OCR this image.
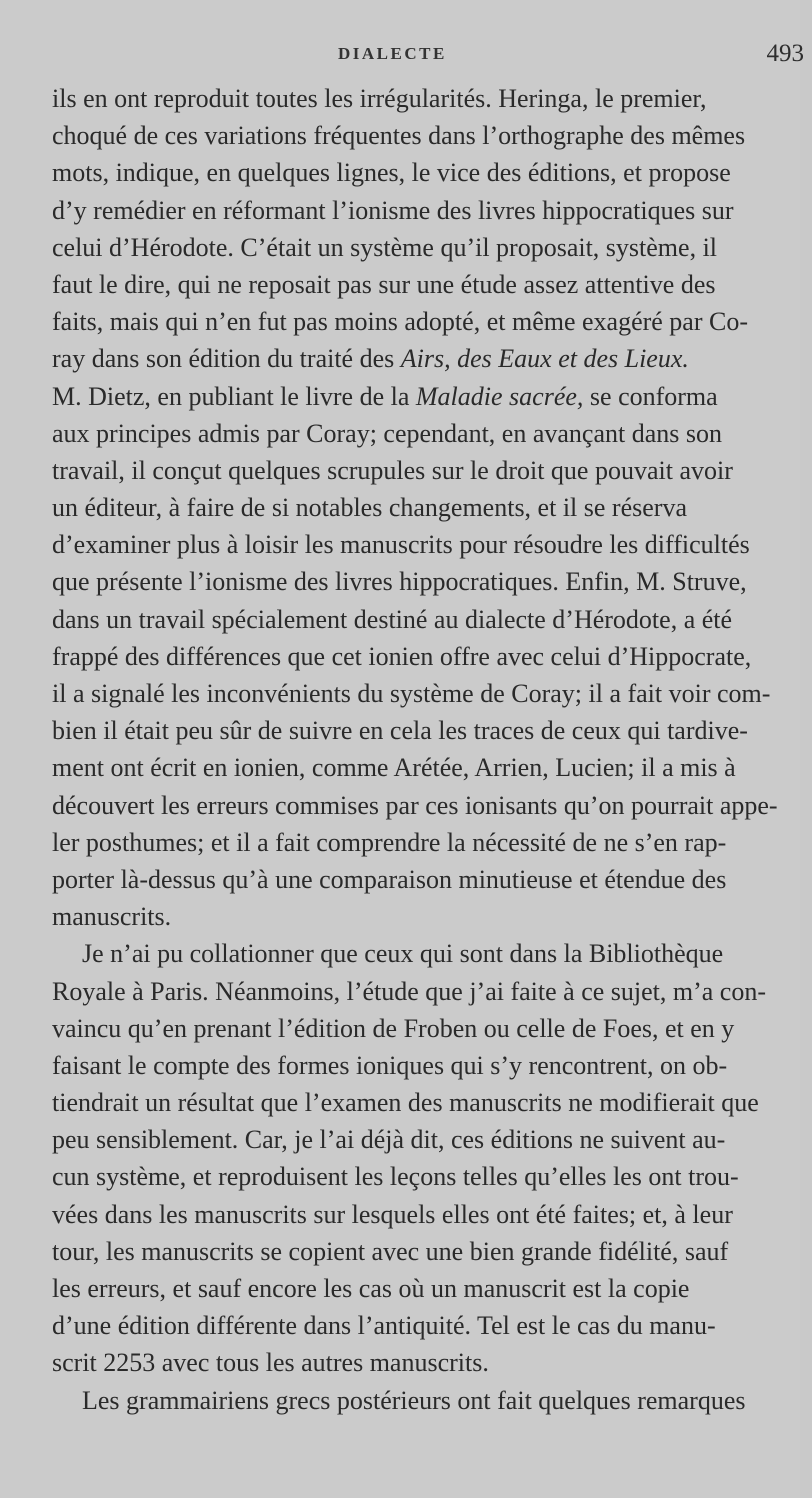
DIALECTE	493
ils en ont reproduit toutes les irrégularités. Heringa, le premier,
choqué de ces variations fréquentes dans l’orthographe des mêmes
mots, indique, en quelques lignes, le vice des éditions, et propose
d’y remédier en réformant l’ionisme des livres hippocratiques sur
celui d’Hérodote. C’était un système qu’il proposait, système, il
faut le dire, qui ne reposait pas sur une étude assez attentive des
faits, mais qui n’en fut pas moins adopté, et même exagéré par Co-
ray dans son édition du traité des Airs, des Eaux et des Lieux.
M. Dietz, en publiant le livre de la Maladie sacrée, se conforma
aux principes admis par Coray; cependant, en avançant dans son
travail, il conçut quelques scrupules sur le droit que pouvait avoir
un éditeur, à faire de si notables changements, et il se réserva
d’examiner plus à loisir les manuscrits pour résoudre les difficultés
que présente l’ionisme des livres hippocratiques. Enfin, M. Struve,
dans un travail spécialement destiné au dialecte d’Hérodote, a été
frappé des différences que cet ionien offre avec celui d’Hippocrate,
il a signalé les inconvénients du système de Coray; il a fait voir com-
bien il était peu sûr de suivre en cela les traces de ceux qui tardive-
ment ont écrit en ionien, comme Arétée, Arrien, Lucien; il a mis à
découvert les erreurs commises par ces ionisants qu’on pourrait appe-
ler posthumes; et il a fait comprendre la nécessité de ne s’en rap-
porter là-dessus qu’à une comparaison minutieuse et étendue des
manuscrits.
Je n’ai pu collationner que ceux qui sont dans la Bibliothèque
Royale à Paris. Néanmoins, l’étude que j’ai faite à ce sujet, m’a con-
vaincu qu’en prenant l’édition de Froben ou celle de Foes, et en y
faisant le compte des formes ioniques qui s’y rencontrent, on ob-
tiendrait un résultat que l’examen des manuscrits ne modifierait que
peu sensiblement. Car, je l’ai déjà dit, ces éditions ne suivent au-
cun système, et reproduisent les leçons telles qu’elles les ont trou-
vées dans les manuscrits sur lesquels elles ont été faites; et, à leur
tour, les manuscrits se copient avec une bien grande fidélité, sauf
les erreurs, et sauf encore les cas où un manuscrit est la copie
d’une édition différente dans l’antiquité. Tel est le cas du manu-
scrit 2253 avec tous les autres manuscrits.
Les grammairiens grecs postérieurs ont fait quelques remarques
